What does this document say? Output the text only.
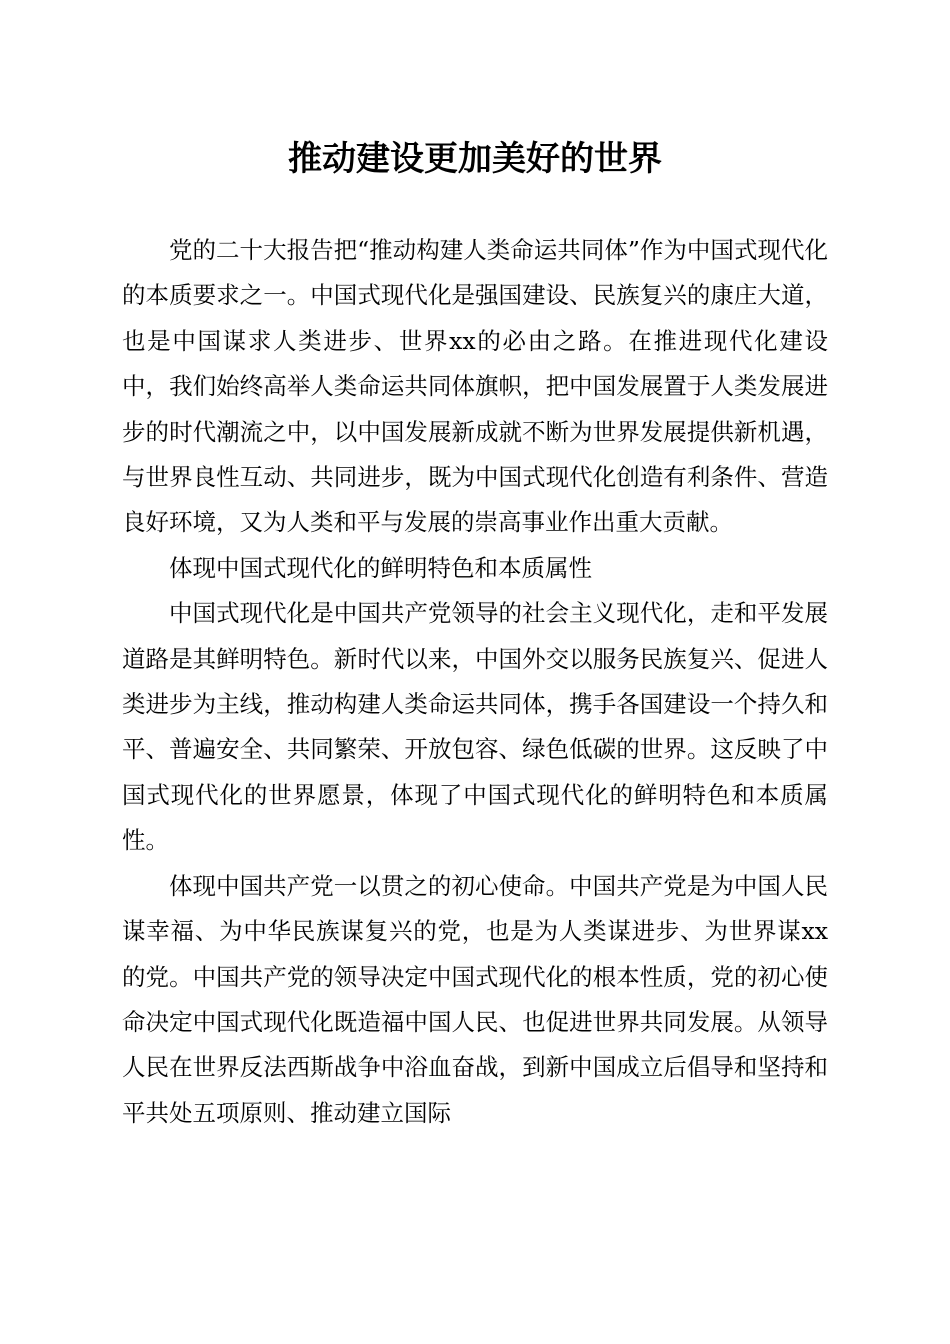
推动建设更加美好的世界

党的二十大报告把“推动构建人类命运共同体”作为中国式现代化的本质要求之一。中国式现代化是强国建设、民族复兴的康庄大道，也是中国谋求人类进步、世界xx的必由之路。在推进现代化建设中，我们始终高举人类命运共同体旗帜，把中国发展置于人类发展进步的时代潮流之中，以中国发展新成就不断为世界发展提供新机遇，与世界良性互动、共同进步，既为中国式现代化创造有利条件、营造良好环境，又为人类和平与发展的崇高事业作出重大贡献。

体现中国式现代化的鲜明特色和本质属性

中国式现代化是中国共产党领导的社会主义现代化，走和平发展道路是其鲜明特色。新时代以来，中国外交以服务民族复兴、促进人类进步为主线，推动构建人类命运共同体，携手各国建设一个持久和平、普遍安全、共同繁荣、开放包容、绿色低碳的世界。这反映了中国式现代化的世界愿景，体现了中国式现代化的鲜明特色和本质属性。

体现中国共产党一以贯之的初心使命。中国共产党是为中国人民谋幸福、为中华民族谋复兴的党，也是为人类谋进步、为世界谋xx的党。中国共产党的领导决定中国式现代化的根本性质，党的初心使命决定中国式现代化既造福中国人民、也促进世界共同发展。从领导人民在世界反法西斯战争中浴血奋战，到新中国成立后倡导和坚持和平共处五项原则、推动建立国际
